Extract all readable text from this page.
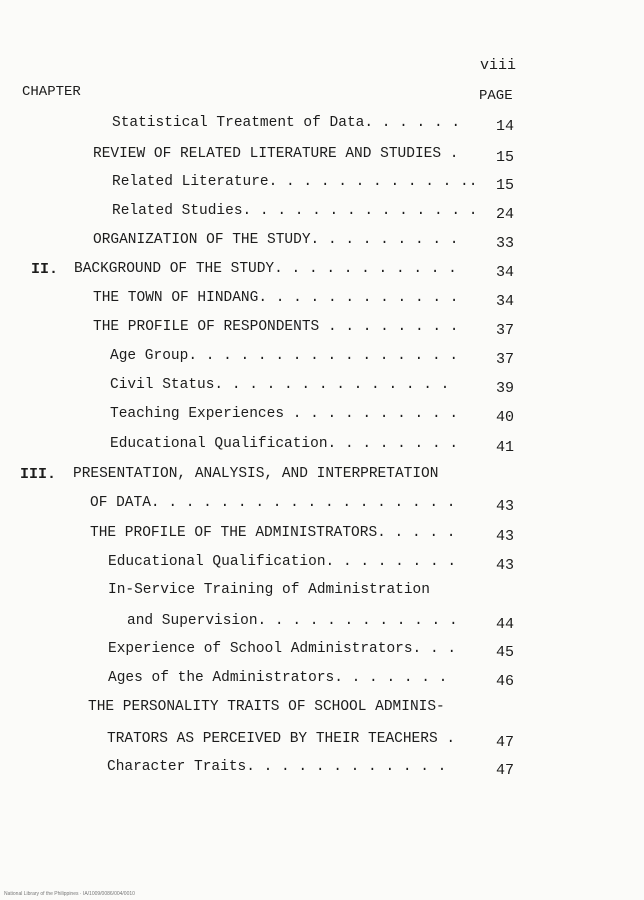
viii
CHAPTER	PAGE
Statistical Treatment of Data. . . . . . 14
REVIEW OF RELATED LITERATURE AND STUDIES .	15
Related Literature. . . . . . . . . . . .. 15
Related Studies. . . . . . . . . . . . . . 24
ORGANIZATION OF THE STUDY. . . . . . . . .	33
II. BACKGROUND OF THE STUDY. . . . . . . . . . .	34
THE TOWN OF HINDANG. . . . . . . . . . . .	34
THE PROFILE OF RESPONDENTS . . . . . . . .	37
Age Group. . . . . . . . . . . . . . . .	37
Civil Status. . . . . . . . . . . . . .	39
Teaching Experiences . . . . . . . . . .	40
Educational Qualification. . . . . . . .	41
III. PRESENTATION, ANALYSIS, AND INTERPRETATION
OF DATA. . . . . . . . . . . . . . . . . .	43
THE PROFILE OF THE ADMINISTRATORS. . . . .	43
Educational Qualification. . . . . . . .	43
In-Service Training of Administration
and Supervision. . . . . . . . . . . .	44
Experience of School Administrators. . .	45
Ages of the Administrators. . . . . . .	46
THE PERSONALITY TRAITS OF SCHOOL ADMINIS-
TRATORS AS PERCEIVED BY THEIR TEACHERS .	47
Character Traits. . . . . . . . . . . .	47
National Library of the Philippines · IA/1009/0086/004/0010
